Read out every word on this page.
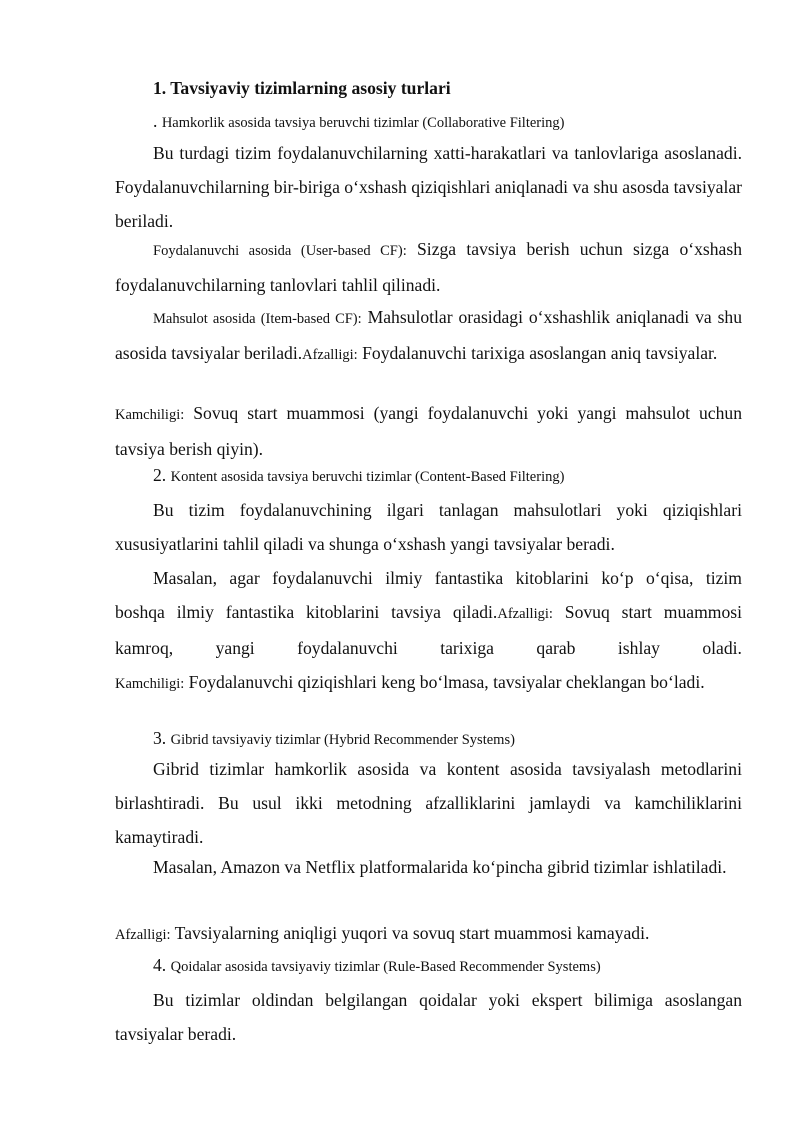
1. Tavsiyaviy tizimlarning asosiy turlari
. Hamkorlik asosida tavsiya beruvchi tizimlar (Collaborative Filtering)

Bu turdagi tizim foydalanuvchilarning xatti-harakatlari va tanlovlariga asoslanadi. Foydalanuvchilarning bir-biriga o‘xshash qiziqishlari aniqlanadi va shu asosda tavsiyalar beriladi.

Foydalanuvchi asosida (User-based CF): Sizga tavsiya berish uchun sizga o‘xshash foydalanuvchilarning tanlovlari tahlil qilinadi.

Mahsulot asosida (Item-based CF): Mahsulotlar orasidagi o‘xshashlik aniqlanadi va shu asosida tavsiyalar beriladi.Afzalligi: Foydalanuvchi tarixiga asoslangan aniq tavsiyalar.

Kamchiligi: Sovuq start muammosi (yangi foydalanuvchi yoki yangi mahsulot uchun tavsiya berish qiyin).

2. Kontent asosida tavsiya beruvchi tizimlar (Content-Based Filtering)

Bu tizim foydalanuvchining ilgari tanlagan mahsulotlari yoki qiziqishlari xususiyatlarini tahlil qiladi va shunga o‘xshash yangi tavsiyalar beradi.

Masalan, agar foydalanuvchi ilmiy fantastika kitoblarini ko‘p o‘qisa, tizim
boshqa ilmiy fantastika kitoblarini tavsiya qiladi.Afzalligi: Sovuq start muammosi
kamroq, yangi foydalanuvchi tarixiga qarab ishlay oladi.
Kamchiligi: Foydalanuvchi qiziqishlari keng bo‘lmasa, tavsiyalar cheklangan bo‘ladi.
3. Gibrid tavsiyaviy tizimlar (Hybrid Recommender Systems)

Gibrid tizimlar hamkorlik asosida va kontent asosida tavsiyalash metodlarini birlashtiradi. Bu usul ikki metodning afzalliklarini jamlaydi va kamchiliklarini kamaytiradi.

Masalan, Amazon va Netflix platformalarida ko‘pincha gibrid tizimlar ishlatiladi.

Afzalligi: Tavsiyalarning aniqligi yuqori va sovuq start muammosi kamayadi.

4. Qoidalar asosida tavsiyaviy tizimlar (Rule-Based Recommender Systems)

Bu tizimlar oldindan belgilangan qoidalar yoki ekspert bilimiga asoslangan tavsiyalar beradi.
